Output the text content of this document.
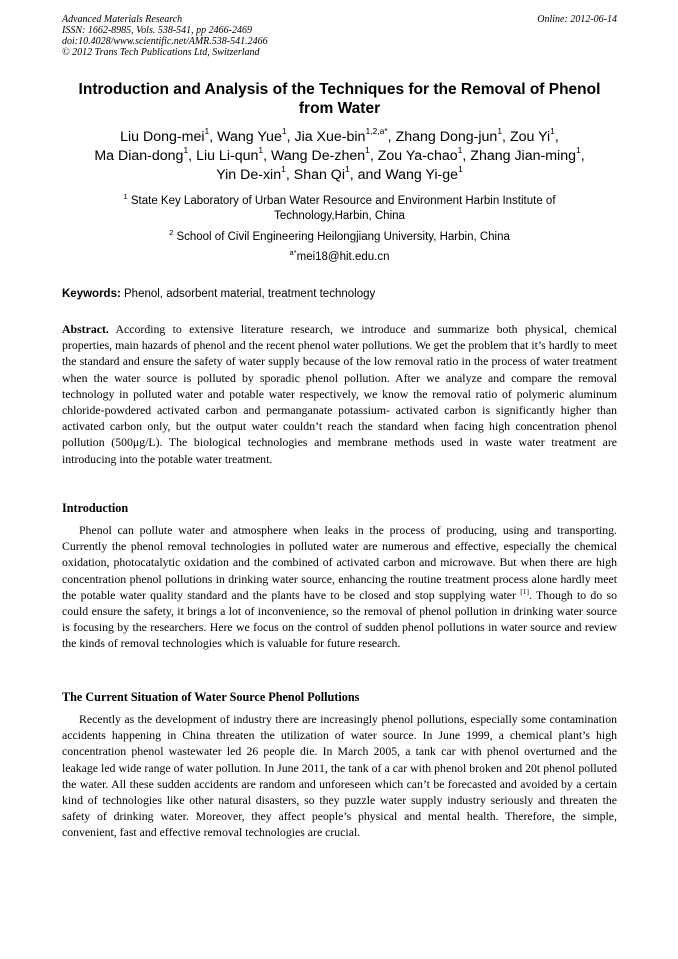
Advanced Materials Research
ISSN: 1662-8985, Vols. 538-541, pp 2466-2469
doi:10.4028/www.scientific.net/AMR.538-541.2466
© 2012 Trans Tech Publications Ltd, Switzerland
Online: 2012-06-14
Introduction and Analysis of the Techniques for the Removal of Phenol from Water
Liu Dong-mei$^1$, Wang Yue$^1$, Jia Xue-bin$^{1,2,a*}$, Zhang Dong-jun$^1$, Zou Yi$^1$,
Ma Dian-dong$^1$, Liu Li-qun$^1$, Wang De-zhen$^1$, Zou Ya-chao$^1$, Zhang Jian-ming$^1$,
Yin De-xin$^1$, Shan Qi$^1$, and Wang $Yi-ge^1$
$^1$ State Key Laboratory of Urban Water Resource and Environment Harbin Institute of Technology,Harbin, China
$^2$ School of Civil Engineering Heilongjiang University, Harbin, China
$^{a*}$mei18@hit.edu.cn
Keywords: Phenol, adsorbent material, treatment technology
Abstract. According to extensive literature research, we introduce and summarize both physical, chemical properties, main hazards of phenol and the recent phenol water pollutions. We get the problem that it’s hardly to meet the standard and ensure the safety of water supply because of the low removal ratio in the process of water treatment when the water source is polluted by sporadic phenol pollution. After we analyze and compare the removal technology in polluted water and potable water respectively, we know the removal ratio of polymeric aluminum chloride-powdered activated carbon and permanganate potassium- activated carbon is significantly higher than activated carbon only, but the output water couldn’t reach the standard when facing high concentration phenol pollution (500μg/L). The biological technologies and membrane methods used in waste water treatment are introducing into the potable water treatment.
Introduction
Phenol can pollute water and atmosphere when leaks in the process of producing, using and transporting. Currently the phenol removal technologies in polluted water are numerous and effective, especially the chemical oxidation, photocatalytic oxidation and the combined of activated carbon and microwave. But when there are high concentration phenol pollutions in drinking water source, enhancing the routine treatment process alone hardly meet the potable water quality standard and the plants have to be closed and stop supplying water [1]. Though to do so could ensure the safety, it brings a lot of inconvenience, so the removal of phenol pollution in drinking water source is focusing by the researchers. Here we focus on the control of sudden phenol pollutions in water source and review the kinds of removal technologies which is valuable for future research.
The Current Situation of Water Source Phenol Pollutions
Recently as the development of industry there are increasingly phenol pollutions, especially some contamination accidents happening in China threaten the utilization of water source. In June 1999, a chemical plant’s high concentration phenol wastewater led 26 people die. In March 2005, a tank car with phenol overturned and the leakage led wide range of water pollution. In June 2011, the tank of a car with phenol broken and 20t phenol polluted the water. All these sudden accidents are random and unforeseen which can’t be forecasted and avoided by a certain kind of technologies like other natural disasters, so they puzzle water supply industry seriously and threaten the safety of drinking water. Moreover, they affect people’s physical and mental health. Therefore, the simple, convenient, fast and effective removal technologies are crucial.
